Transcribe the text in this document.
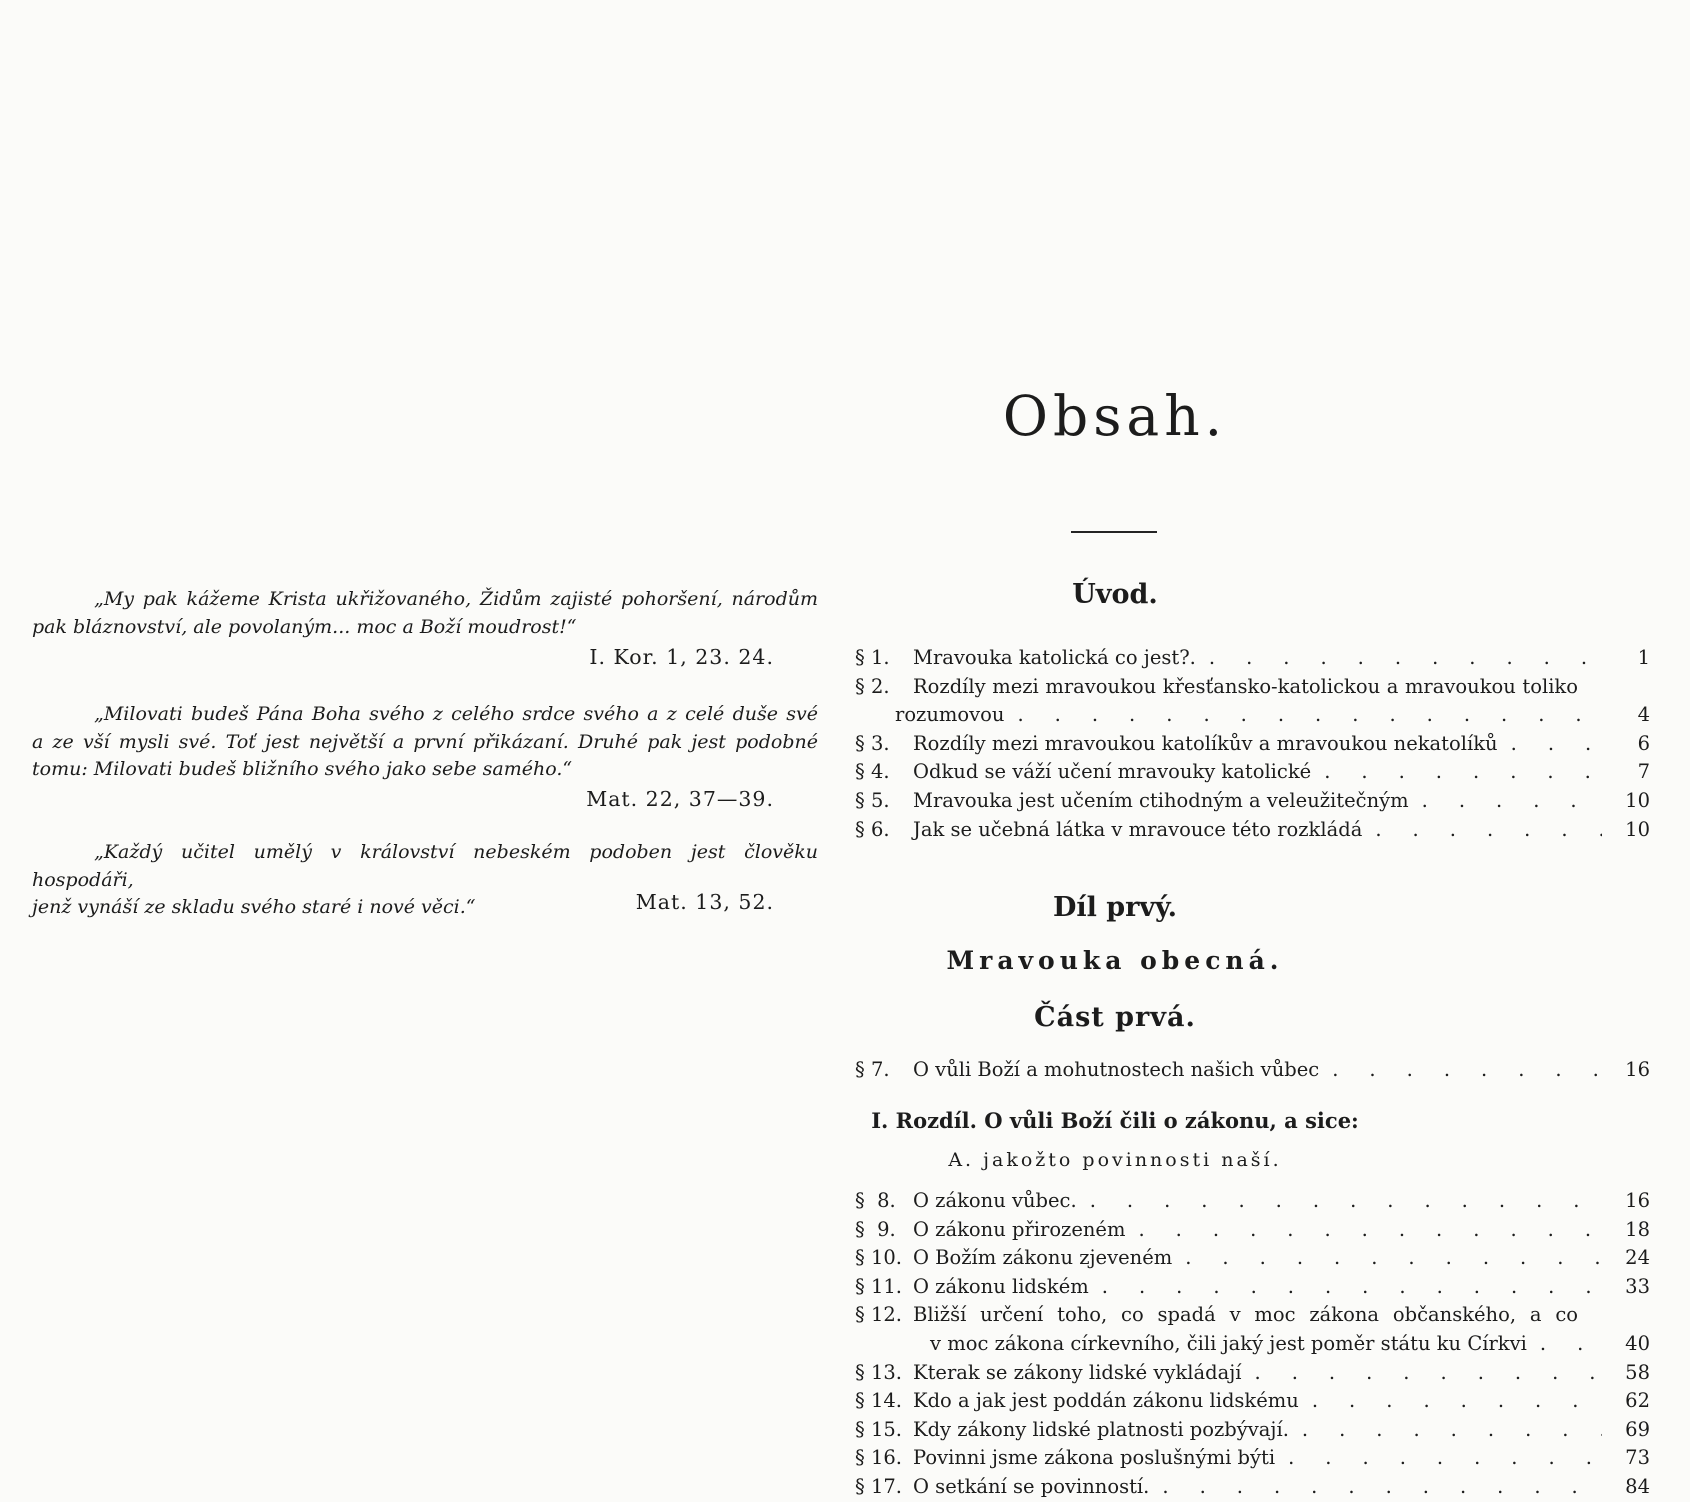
„My pak kážeme Krista ukřižovaného, Židům zajisté pohoršení, národům
pak bláznovství, ale povolaným... moc a Boží moudrost!“
I. Kor. 1, 23. 24.
„Milovati budeš Pána Boha svého z celého srdce svého a z celé duše své
a ze vší mysli své. Toť jest největší a první přikázaní. Druhé pak jest podobné
tomu: Milovati budeš bližního svého jako sebe samého.“
Mat. 22, 37—39.
„Každý učitel umělý v království nebeském podoben jest člověku hospodáři,
jenž vynáší ze skladu svého staré i nové věci.“	Mat. 13, 52.
Obsah.
Úvod.
§ 1.	Mravouka katolická co jest?. .....	1
§ 2.	Rozdíly mezi mravoukou křesťansko-katolickou a mravoukou toliko
rozumovou .....	4
§ 3.	Rozdíly mezi mravoukou katolíkův a mravoukou nekatolíků .....	6
§ 4.	Odkud se váží učení mravouky katolické .....	7
§ 5.	Mravouka jest učením ctihodným a veleužitečným .....	10
§ 6.	Jak se učebná látka v mravouce této rozkládá .....	10
Díl prvý.
Mravouka obecná.
Část prvá.
§ 7.	O vůli Boží a mohutnostech našich vůbec .....	16
I. Rozdíl. O vůli Boží čili o zákonu, a sice:
A. jakožto povinnosti naší.
§  8. O zákonu vůbec. .....	16
§  9. O zákonu přirozeném .....	18
§ 10. O Božím zákonu zjeveném .....	24
§ 11. O zákonu lidském .....	33
§ 12. Bližší určení toho, co spadá v moc zákona občanského, a co
v moc zákona církevního, čili jaký jest poměr státu ku Církvi .....	40
§ 13. Kterak se zákony lidské vykládají .....	58
§ 14. Kdo a jak jest poddán zákonu lidskému .....	62
§ 15. Kdy zákony lidské platnosti pozbývají. .....	69
§ 16. Povinni jsme zákona poslušnými býti .....	73
§ 17. O setkání se povinností. .....	84
